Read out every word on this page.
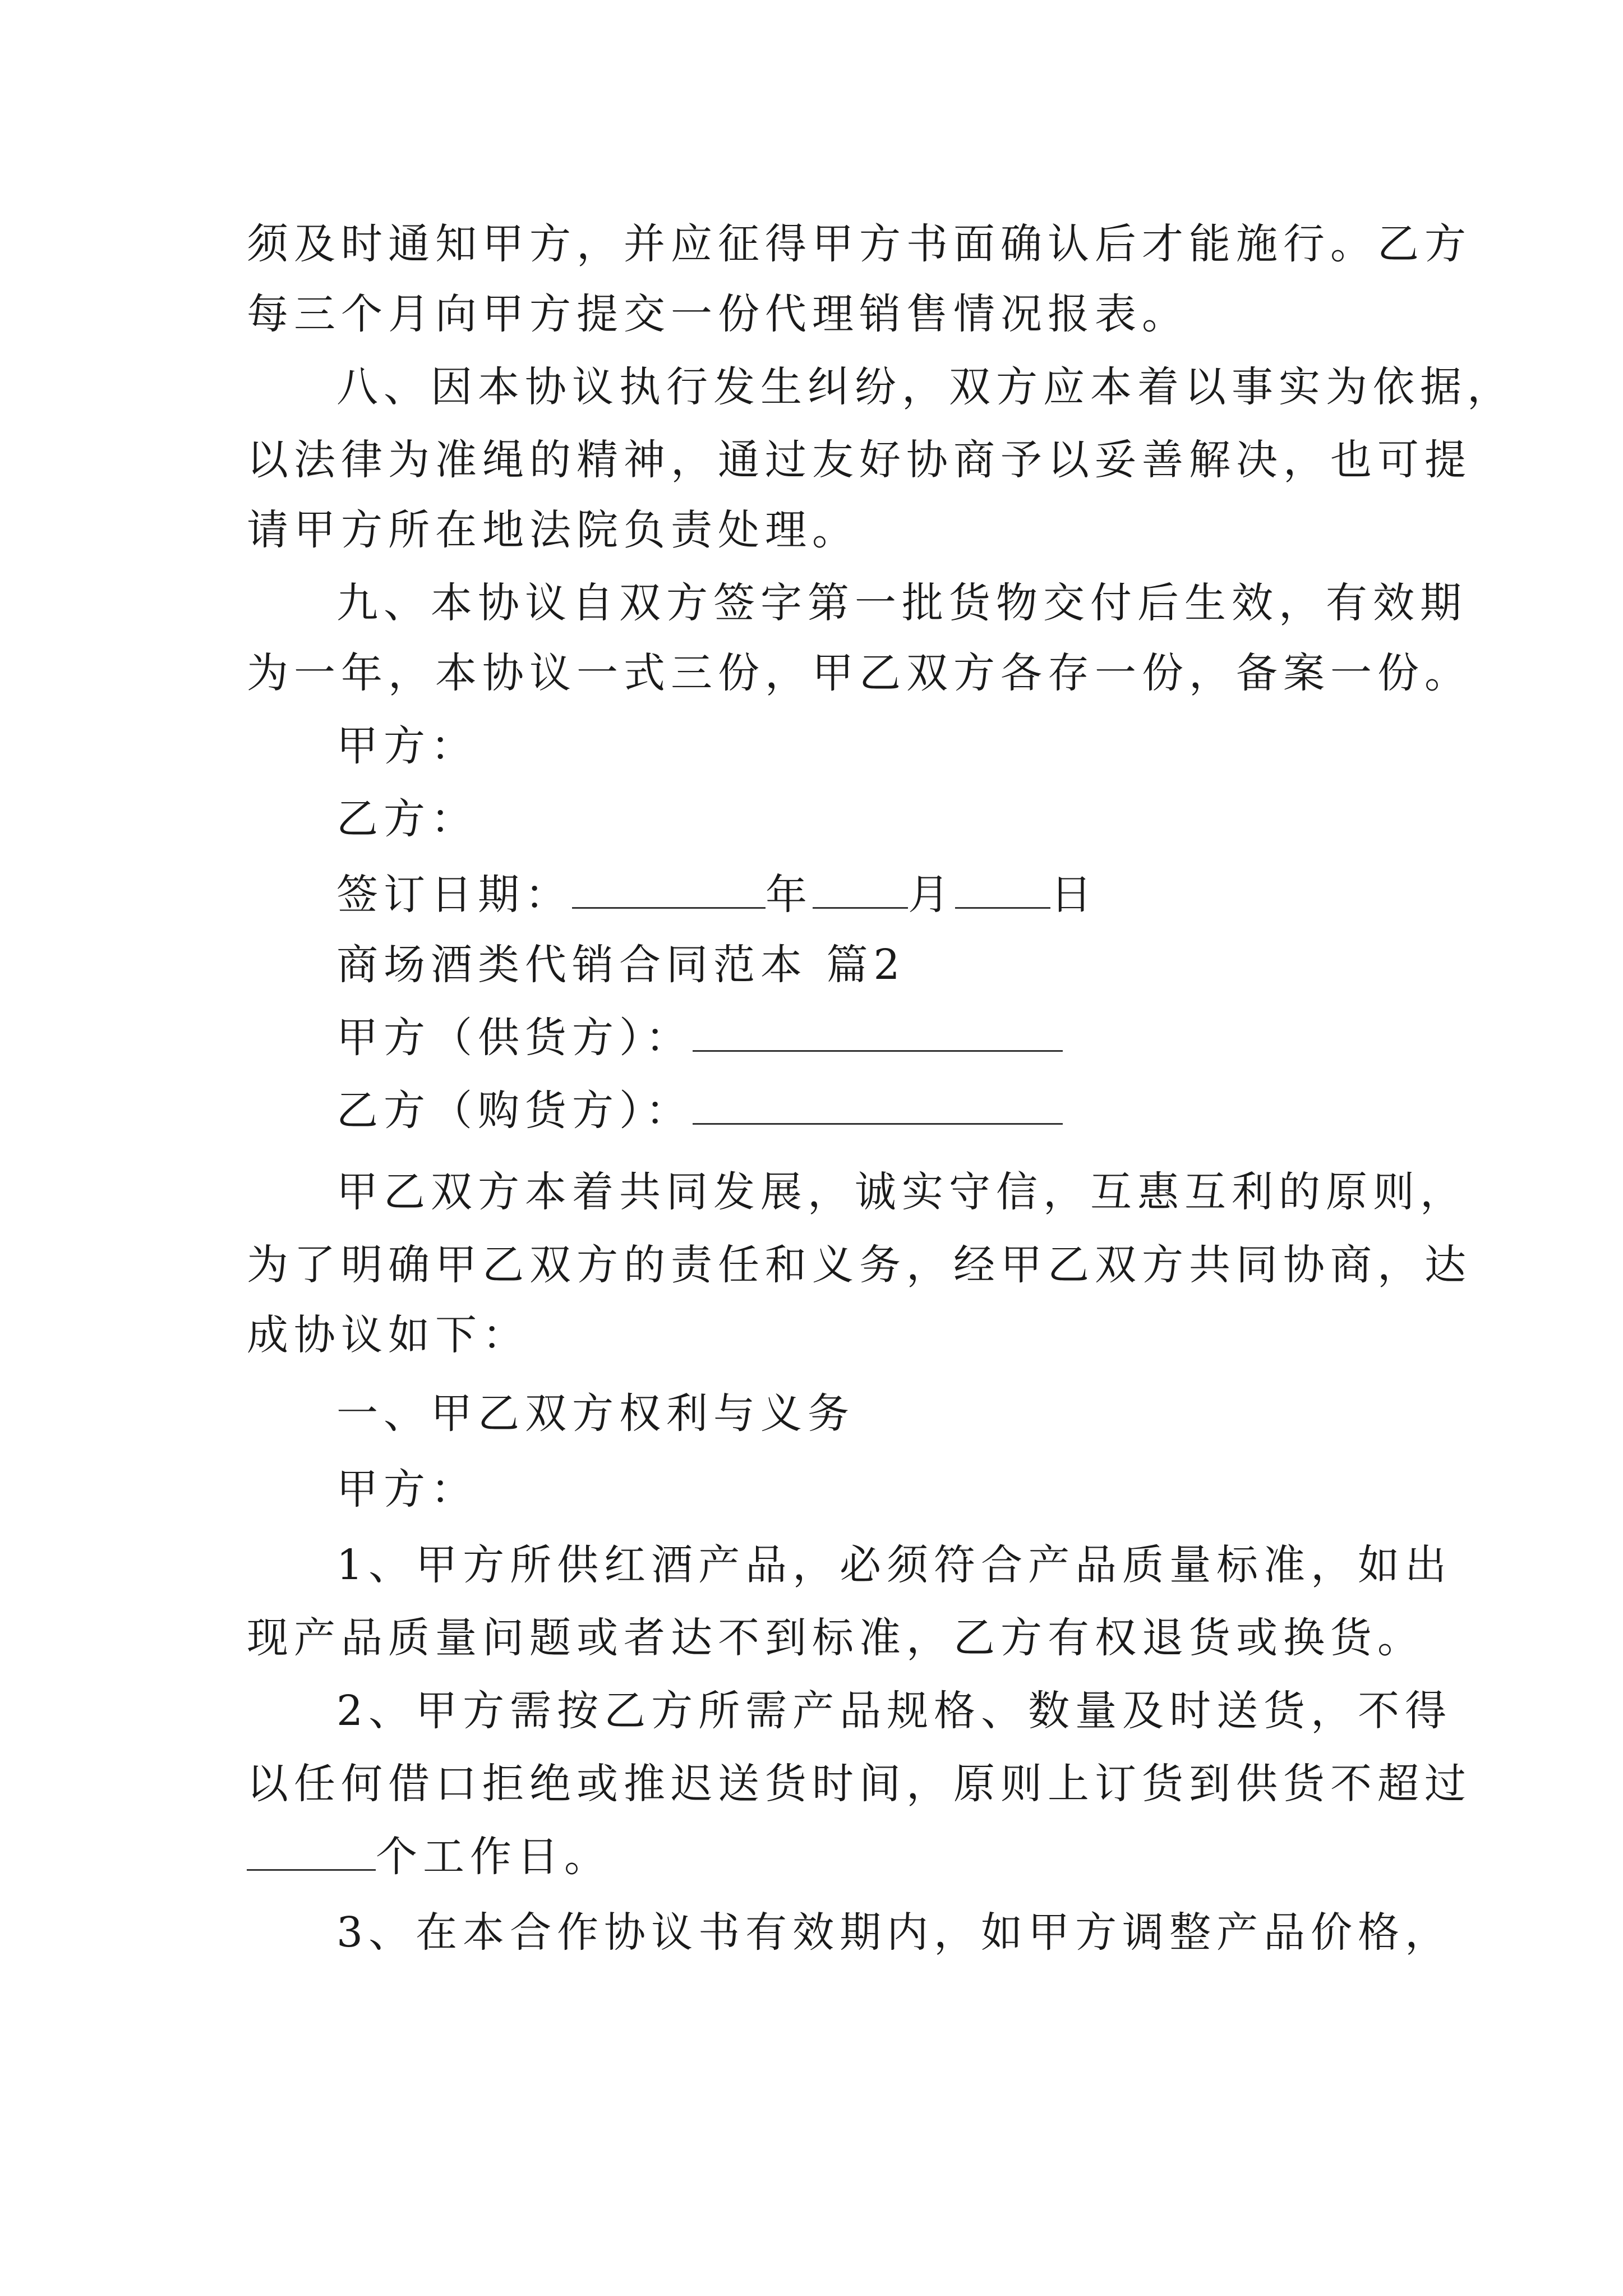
须及时通知甲方，并应征得甲方书面确认后才能施行。乙方

每三个月向甲方提交一份代理销售情况报表。

八、因本协议执行发生纠纷，双方应本着以事实为依据，

以法律为准绳的精神，通过友好协商予以妥善解决，也可提

请甲方所在地法院负责处理。

九、本协议自双方签字第一批货物交付后生效，有效期

为一年，本协议一式三份，甲乙双方各存一份，备案一份。

甲方：

乙方：

签订日期：	年 月 日

商场酒类代销合同范本 篇2

甲方（供货方）：

乙方（购货方）：

甲乙双方本着共同发展，诚实守信，互惠互利的原则，

为了明确甲乙双方的责任和义务，经甲乙双方共同协商，达

成协议如下：

一、甲乙双方权利与义务

甲方：

1、甲方所供红酒产品，必须符合产品质量标准，如出

现产品质量问题或者达不到标准，乙方有权退货或换货。

2、甲方需按乙方所需产品规格、数量及时送货，不得

以任何借口拒绝或推迟送货时间，原则上订货到供货不超过

个工作日。

3、在本合作协议书有效期内，如甲方调整产品价格，
